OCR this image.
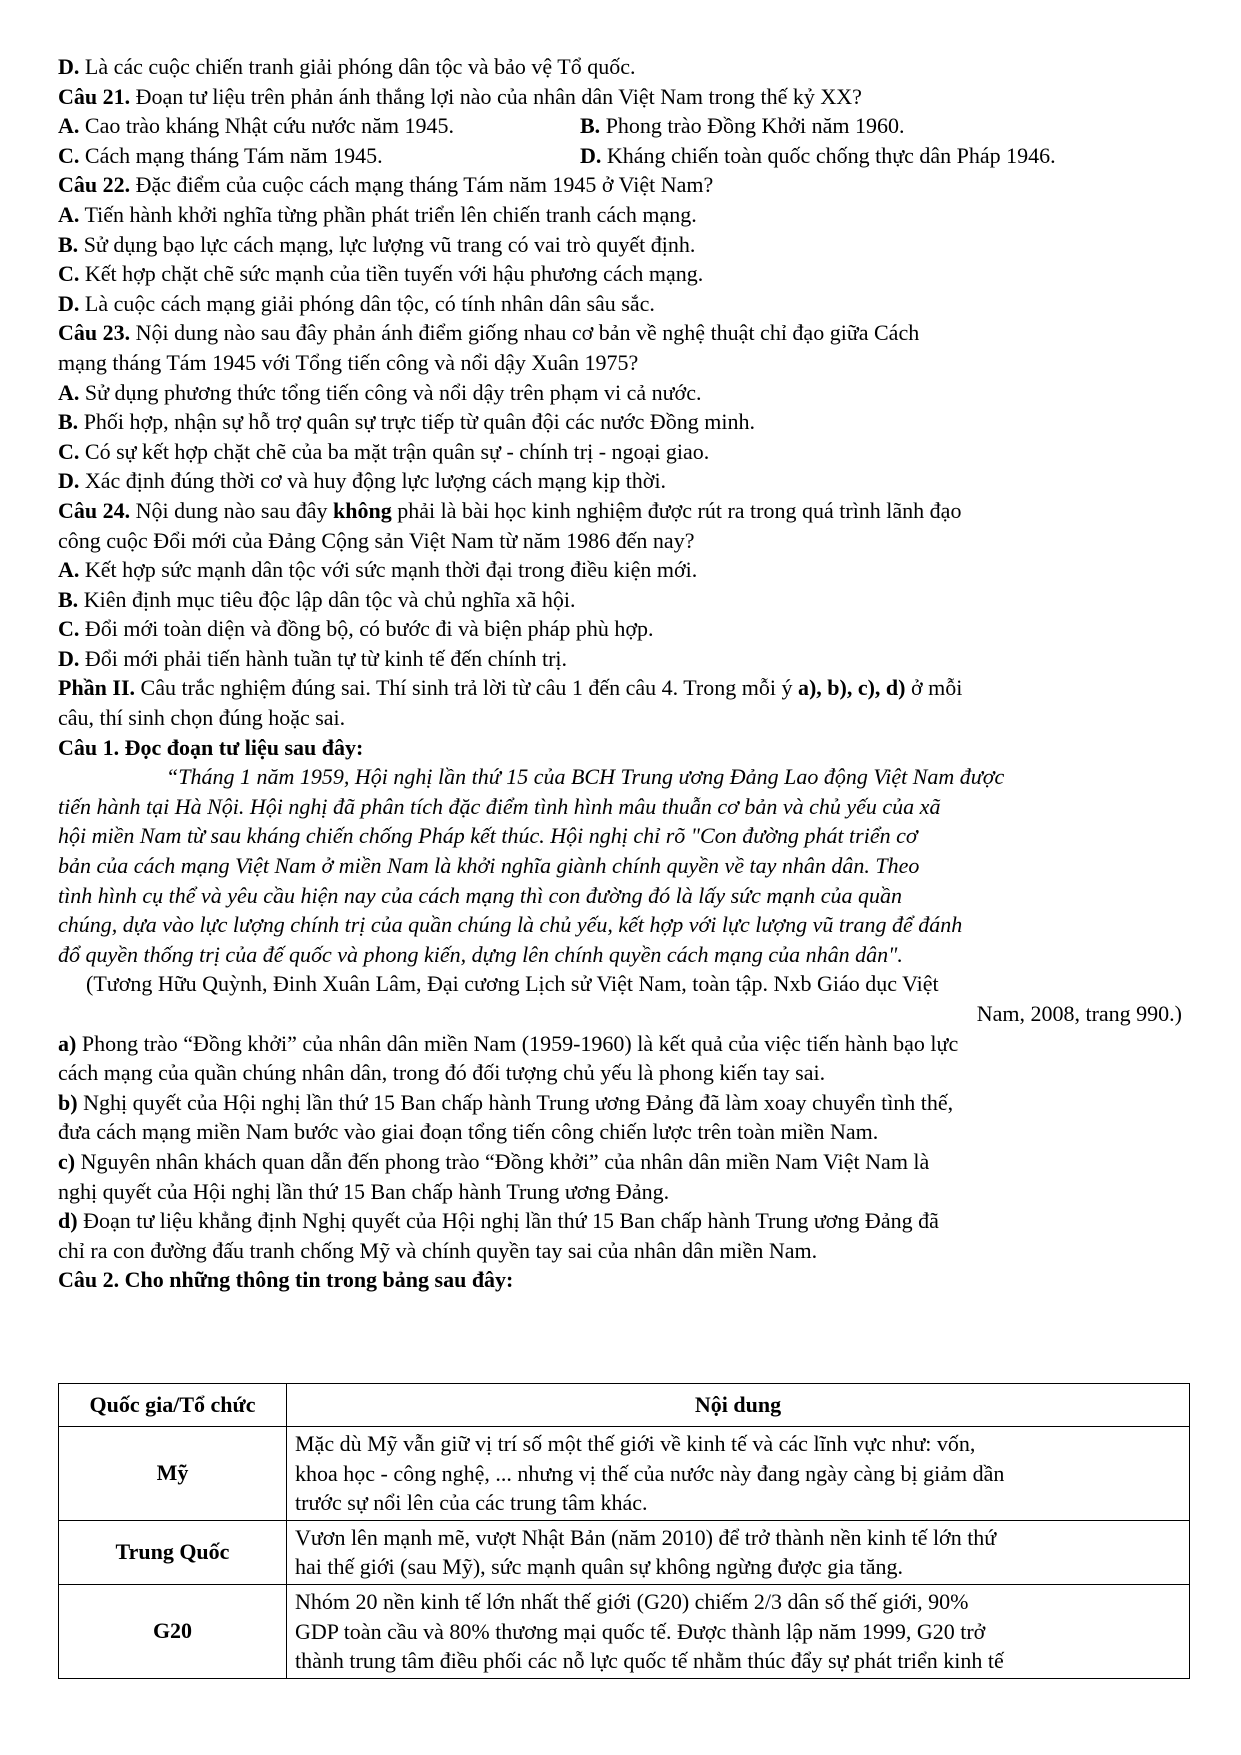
D. Là các cuộc chiến tranh giải phóng dân tộc và bảo vệ Tổ quốc.
Câu 21. Đoạn tư liệu trên phản ánh thắng lợi nào của nhân dân Việt Nam trong thế kỷ XX?
A. Cao trào kháng Nhật cứu nước năm 1945.	B. Phong trào Đồng Khởi năm 1960.
C. Cách mạng tháng Tám năm 1945.	D. Kháng chiến toàn quốc chống thực dân Pháp 1946.
Câu 22. Đặc điểm của cuộc cách mạng tháng Tám năm 1945 ở Việt Nam?
A. Tiến hành khởi nghĩa từng phần phát triển lên chiến tranh cách mạng.
B. Sử dụng bạo lực cách mạng, lực lượng vũ trang có vai trò quyết định.
C. Kết hợp chặt chẽ sức mạnh của tiền tuyến với hậu phương cách mạng.
D. Là cuộc cách mạng giải phóng dân tộc, có tính nhân dân sâu sắc.
Câu 23. Nội dung nào sau đây phản ánh điểm giống nhau cơ bản về nghệ thuật chỉ đạo giữa Cách
mạng tháng Tám 1945 với Tổng tiến công và nổi dậy Xuân 1975?
A. Sử dụng phương thức tổng tiến công và nổi dậy trên phạm vi cả nước.
B. Phối hợp, nhận sự hỗ trợ quân sự trực tiếp từ quân đội các nước Đồng minh.
C. Có sự kết hợp chặt chẽ của ba mặt trận quân sự - chính trị - ngoại giao.
D. Xác định đúng thời cơ và huy động lực lượng cách mạng kịp thời.
Câu 24. Nội dung nào sau đây không phải là bài học kinh nghiệm được rút ra trong quá trình lãnh đạo
công cuộc Đổi mới của Đảng Cộng sản Việt Nam từ năm 1986 đến nay?
A. Kết hợp sức mạnh dân tộc với sức mạnh thời đại trong điều kiện mới.
B. Kiên định mục tiêu độc lập dân tộc và chủ nghĩa xã hội.
C. Đổi mới toàn diện và đồng bộ, có bước đi và biện pháp phù hợp.
D. Đổi mới phải tiến hành tuần tự từ kinh tế đến chính trị.
Phần II. Câu trắc nghiệm đúng sai. Thí sinh trả lời từ câu 1 đến câu 4. Trong mỗi ý a), b), c), d) ở mỗi
câu, thí sinh chọn đúng hoặc sai.
Câu 1. Đọc đoạn tư liệu sau đây:
“Tháng 1 năm 1959, Hội nghị lần thứ 15 của BCH Trung ương Đảng Lao động Việt Nam được
tiến hành tại Hà Nội. Hội nghị đã phân tích đặc điểm tình hình mâu thuẫn cơ bản và chủ yếu của xã
hội miền Nam từ sau kháng chiến chống Pháp kết thúc. Hội nghị chỉ rõ "Con đường phát triển cơ
bản của cách mạng Việt Nam ở miền Nam là khởi nghĩa giành chính quyền về tay nhân dân. Theo
tình hình cụ thể và yêu cầu hiện nay của cách mạng thì con đường đó là lấy sức mạnh của quần
chúng, dựa vào lực lượng chính trị của quần chúng là chủ yếu, kết hợp với lực lượng vũ trang để đánh
đổ quyền thống trị của đế quốc và phong kiến, dựng lên chính quyền cách mạng của nhân dân".
(Tương Hữu Quỳnh, Đinh Xuân Lâm, Đại cương Lịch sử Việt Nam, toàn tập. Nxb Giáo dục Việt
Nam, 2008, trang 990.)
a) Phong trào “Đồng khởi” của nhân dân miền Nam (1959-1960) là kết quả của việc tiến hành bạo lực
cách mạng của quần chúng nhân dân, trong đó đối tượng chủ yếu là phong kiến tay sai.
b) Nghị quyết của Hội nghị lần thứ 15 Ban chấp hành Trung ương Đảng đã làm xoay chuyển tình thế,
đưa cách mạng miền Nam bước vào giai đoạn tổng tiến công chiến lược trên toàn miền Nam.
c) Nguyên nhân khách quan dẫn đến phong trào “Đồng khởi” của nhân dân miền Nam Việt Nam là
nghị quyết của Hội nghị lần thứ 15 Ban chấp hành Trung ương Đảng.
d) Đoạn tư liệu khẳng định Nghị quyết của Hội nghị lần thứ 15 Ban chấp hành Trung ương Đảng đã
chỉ ra con đường đấu tranh chống Mỹ và chính quyền tay sai của nhân dân miền Nam.
Câu 2. Cho những thông tin trong bảng sau đây:
Quốc gia/Tổ chức	Nội dung
Mỹ	Mặc dù Mỹ vẫn giữ vị trí số một thế giới về kinh tế và các lĩnh vực như: vốn,
khoa học - công nghệ, ... nhưng vị thế của nước này đang ngày càng bị giảm dần
trước sự nổi lên của các trung tâm khác.

Trung Quốc	Vươn lên mạnh mẽ, vượt Nhật Bản (năm 2010) để trở thành nền kinh tế lớn thứ
hai thế giới (sau Mỹ), sức mạnh quân sự không ngừng được gia tăng.

G20	Nhóm 20 nền kinh tế lớn nhất thế giới (G20) chiếm 2/3 dân số thế giới, 90%
GDP toàn cầu và 80% thương mại quốc tế. Được thành lập năm 1999, G20 trở
thành trung tâm điều phối các nỗ lực quốc tế nhằm thúc đẩy sự phát triển kinh tế
